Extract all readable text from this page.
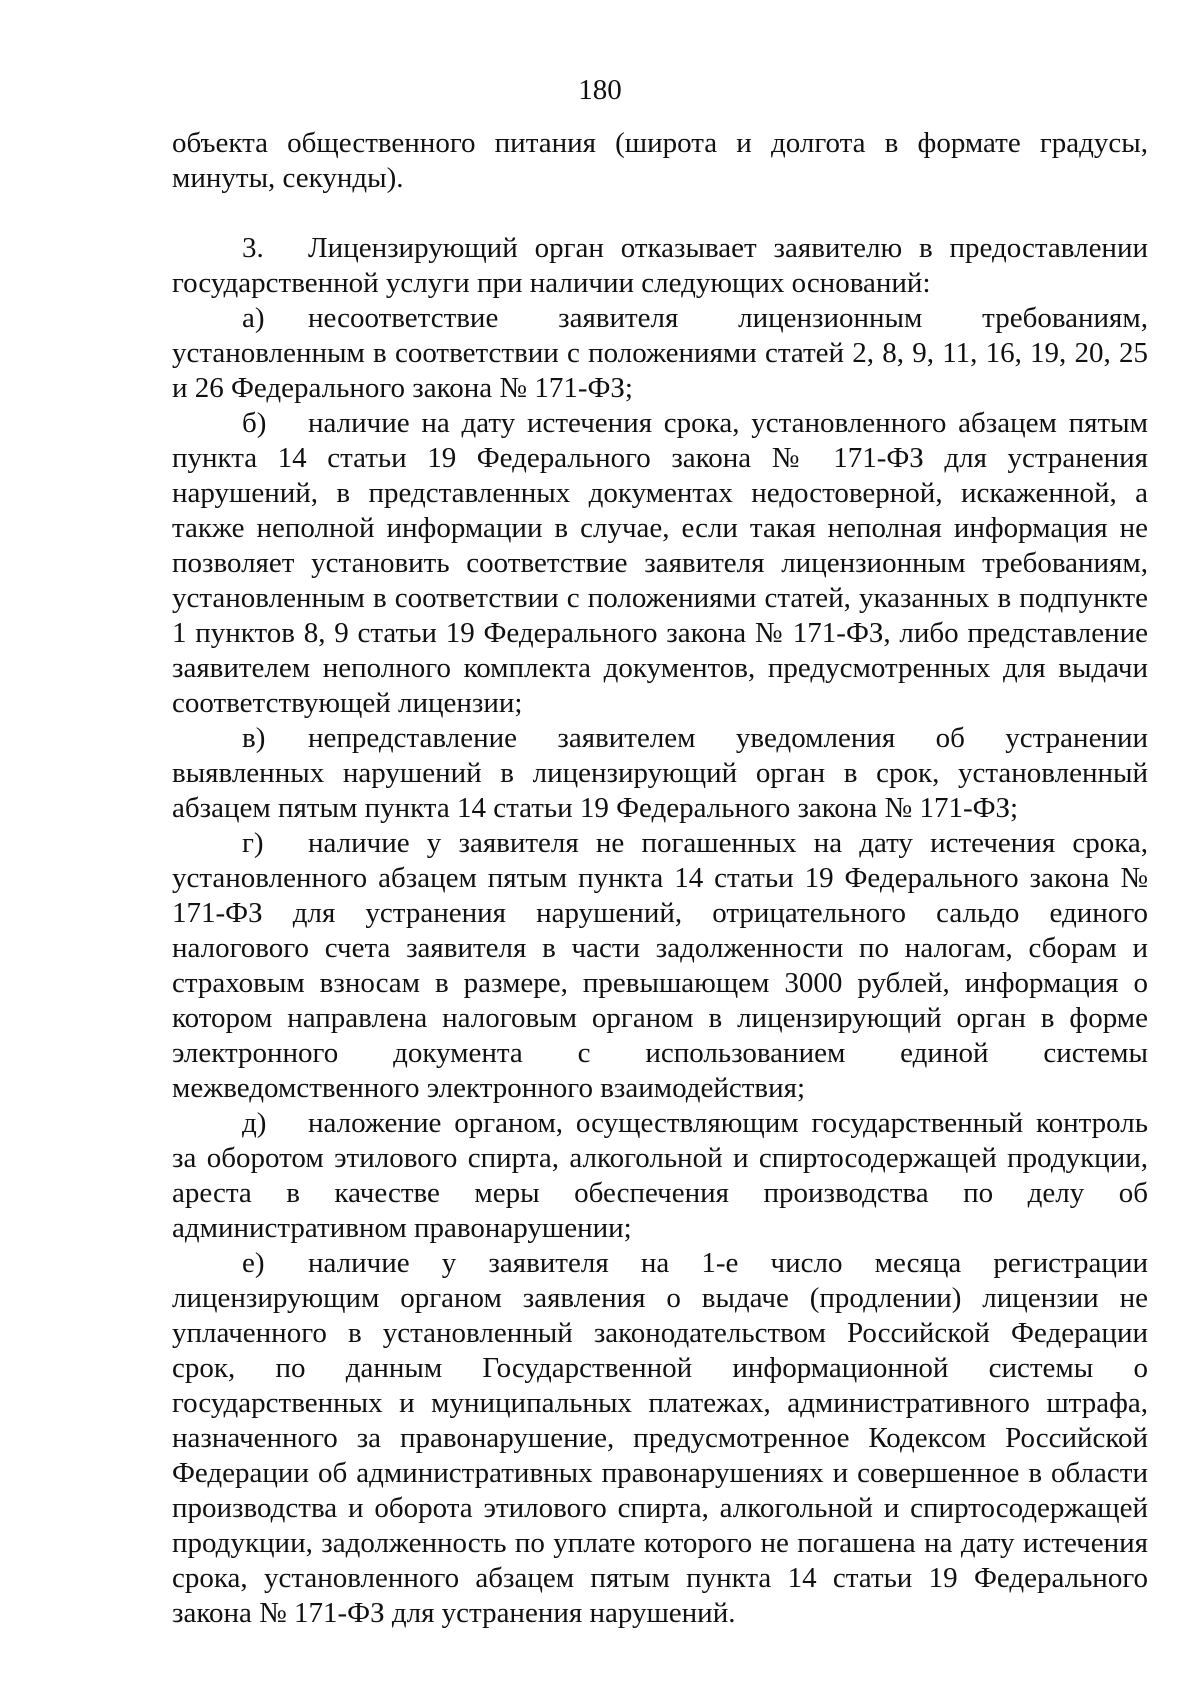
180

объекта общественного питания (широта и долгота в формате градусы, минуты, секунды).

3. Лицензирующий орган отказывает заявителю в предоставлении государственной услуги при наличии следующих оснований:

а) несоответствие заявителя лицензионным требованиям, установленным в соответствии с положениями статей 2, 8, 9, 11, 16, 19, 20, 25 и 26 Федерального закона № 171-ФЗ;

б) наличие на дату истечения срока, установленного абзацем пятым пункта 14 статьи 19 Федерального закона № 171-ФЗ для устранения нарушений, в представленных документах недостоверной, искаженной, а также неполной информации в случае, если такая неполная информация не позволяет установить соответствие заявителя лицензионным требованиям, установленным в соответствии с положениями статей, указанных в подпункте 1 пунктов 8, 9 статьи 19 Федерального закона № 171-ФЗ, либо представление заявителем неполного комплекта документов, предусмотренных для выдачи соответствующей лицензии;

в) непредставление заявителем уведомления об устранении выявленных нарушений в лицензирующий орган в срок, установленный абзацем пятым пункта 14 статьи 19 Федерального закона № 171-ФЗ;

г) наличие у заявителя не погашенных на дату истечения срока, установленного абзацем пятым пункта 14 статьи 19 Федерального закона № 171-ФЗ для устранения нарушений, отрицательного сальдо единого налогового счета заявителя в части задолженности по налогам, сборам и страховым взносам в размере, превышающем 3000 рублей, информация о котором направлена налоговым органом в лицензирующий орган в форме электронного документа с использованием единой системы межведомственного электронного взаимодействия;

д) наложение органом, осуществляющим государственный контроль за оборотом этилового спирта, алкогольной и спиртосодержащей продукции, ареста в качестве меры обеспечения производства по делу об административном правонарушении;

е) наличие у заявителя на 1-е число месяца регистрации лицензирующим органом заявления о выдаче (продлении) лицензии не уплаченного в установленный законодательством Российской Федерации срок, по данным Государственной информационной системы о государственных и муниципальных платежах, административного штрафа, назначенного за правонарушение, предусмотренное Кодексом Российской Федерации об административных правонарушениях и совершенное в области производства и оборота этилового спирта, алкогольной и спиртосодержащей продукции, задолженность по уплате которого не погашена на дату истечения срока, установленного абзацем пятым пункта 14 статьи 19 Федерального закона № 171-ФЗ для устранения нарушений.
